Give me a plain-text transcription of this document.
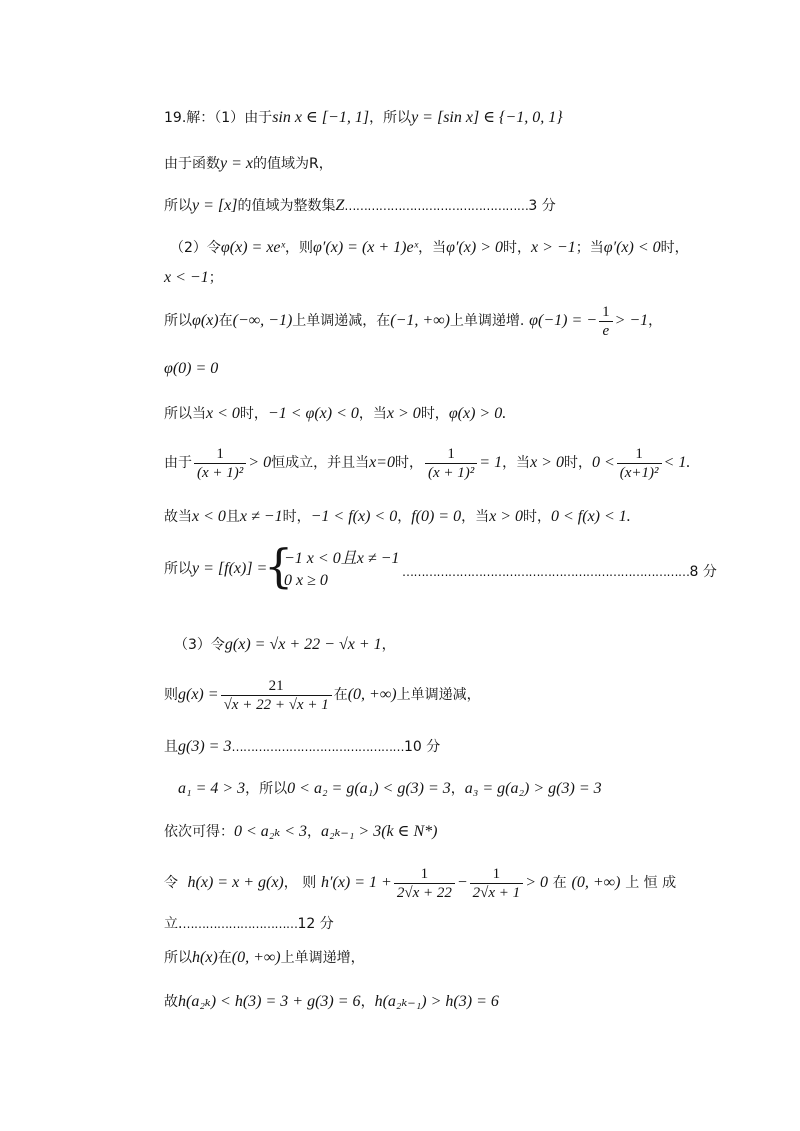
19.解：（1）由于sin x ∈ [−1, 1]，所以y = [sin x] ∈ {−1, 0, 1}
由于函数y = x的值域为R，
所以y = [x]的值域为整数集Z…………………………………………3 分
（2）令φ(x) = xeˣ，则φ′(x) = (x + 1)eˣ，当φ′(x) > 0时，x > −1；当φ′(x) < 0时，
x < −1；
所以φ(x)在(−∞, −1)上单调递减，在(−1, +∞)上单调递增. φ(−1) = − $\frac{1}{e} > -1$，
φ(0) = 0
所以当x < 0时，−1 < φ(x) < 0，当x > 0时，φ(x) > 0.
由于 $\frac{1}{\text{(x + 1)²}} > 0$恒成立，并且当x=0时， $\frac{1}{\text{(x + 1)²}} = 1$，当x > 0时，$0 < \frac{1}{\text{(x+1)²}} < 1$.
故当x < 0且x ≠ −1时，−1 < f(x) < 0，f(0) = 0，当x > 0时，0 < f(x) < 1.
所以y = [f(x)] =
{
−1 x < 0且x ≠ −1
0 x ≥ 0	…………………………………………………………………8 分
（3）令g(x) = √x + 22 − √x + 1，
则$g(x) = \frac{21}{√x + 22 + √x + 1}$ 在(0, +∞)上单调递减，
且g(3) = 3………………………………………10 分
a₁ = 4 > 3，所以0 < a₂ = g(a₁) < g(3) = 3，a₃ = g(a₂) > g(3) = 3
依次可得：0 < a₂ₖ < 3，a₂ₖ₋₁ > 3(k ∈ N*)
令 h(x) = x + g(x)， 则 $h'(x) = 1 + \frac{1}{2√x + 22} - \frac{1}{2√x + 1} > 0$ 在 (0, +∞) 上 恒 成
立.…………………………12 分
所以h(x)在(0, +∞)上单调递增，
故h(a₂ₖ) < h(3) = 3 + g(3) = 6，h(a₂ₖ₋₁) > h(3) = 6
